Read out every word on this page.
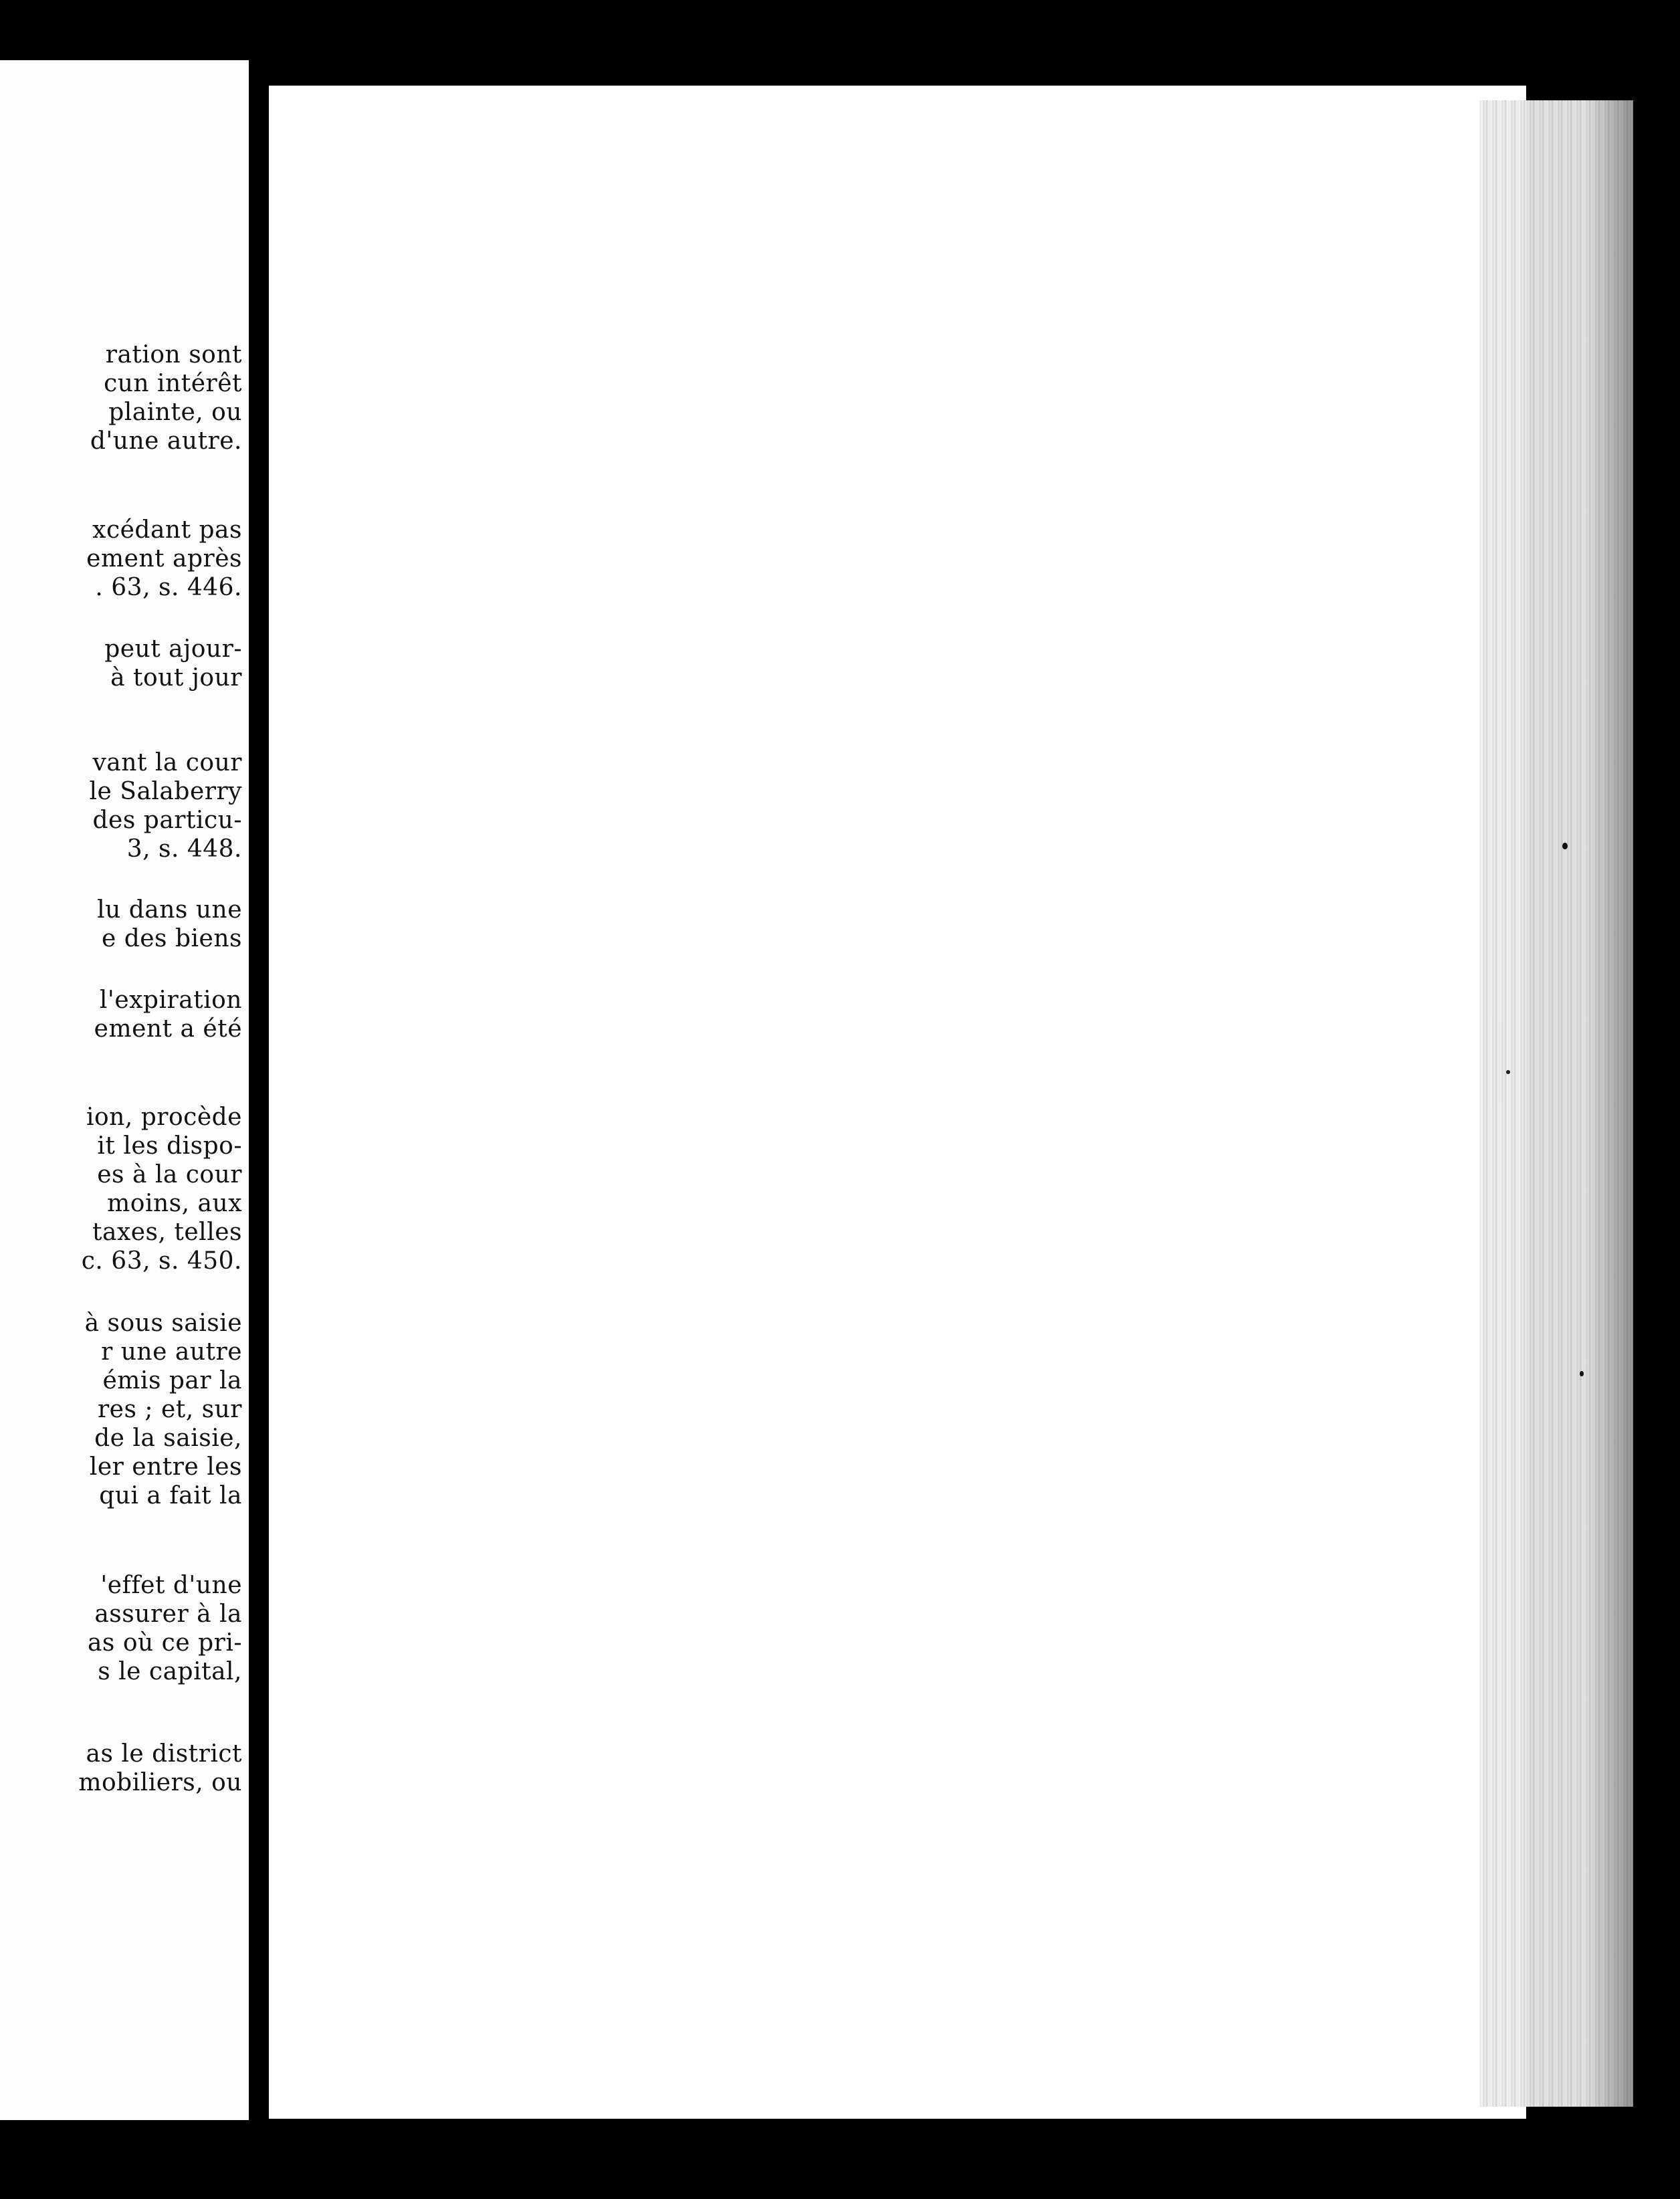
ration sont
cun intérêt
plainte, ou
d'une autre.
xcédant pas
ement après
. 63, s. 446.
peut ajour-
à tout jour
vant la cour
le Salaberry
des particu-
3, s. 448.
lu dans une
e des biens
l'expiration
ement a été
ion, procède
it les dispo-
es à la cour
moins, aux
taxes, telles
c. 63, s. 450.
à sous saisie
r une autre
émis par la
res ; et, sur
de la saisie,
ler entre les
qui a fait la
'effet d'une
assurer à la
as où ce pri-
s le capital,
as le district
mobiliers, ou
